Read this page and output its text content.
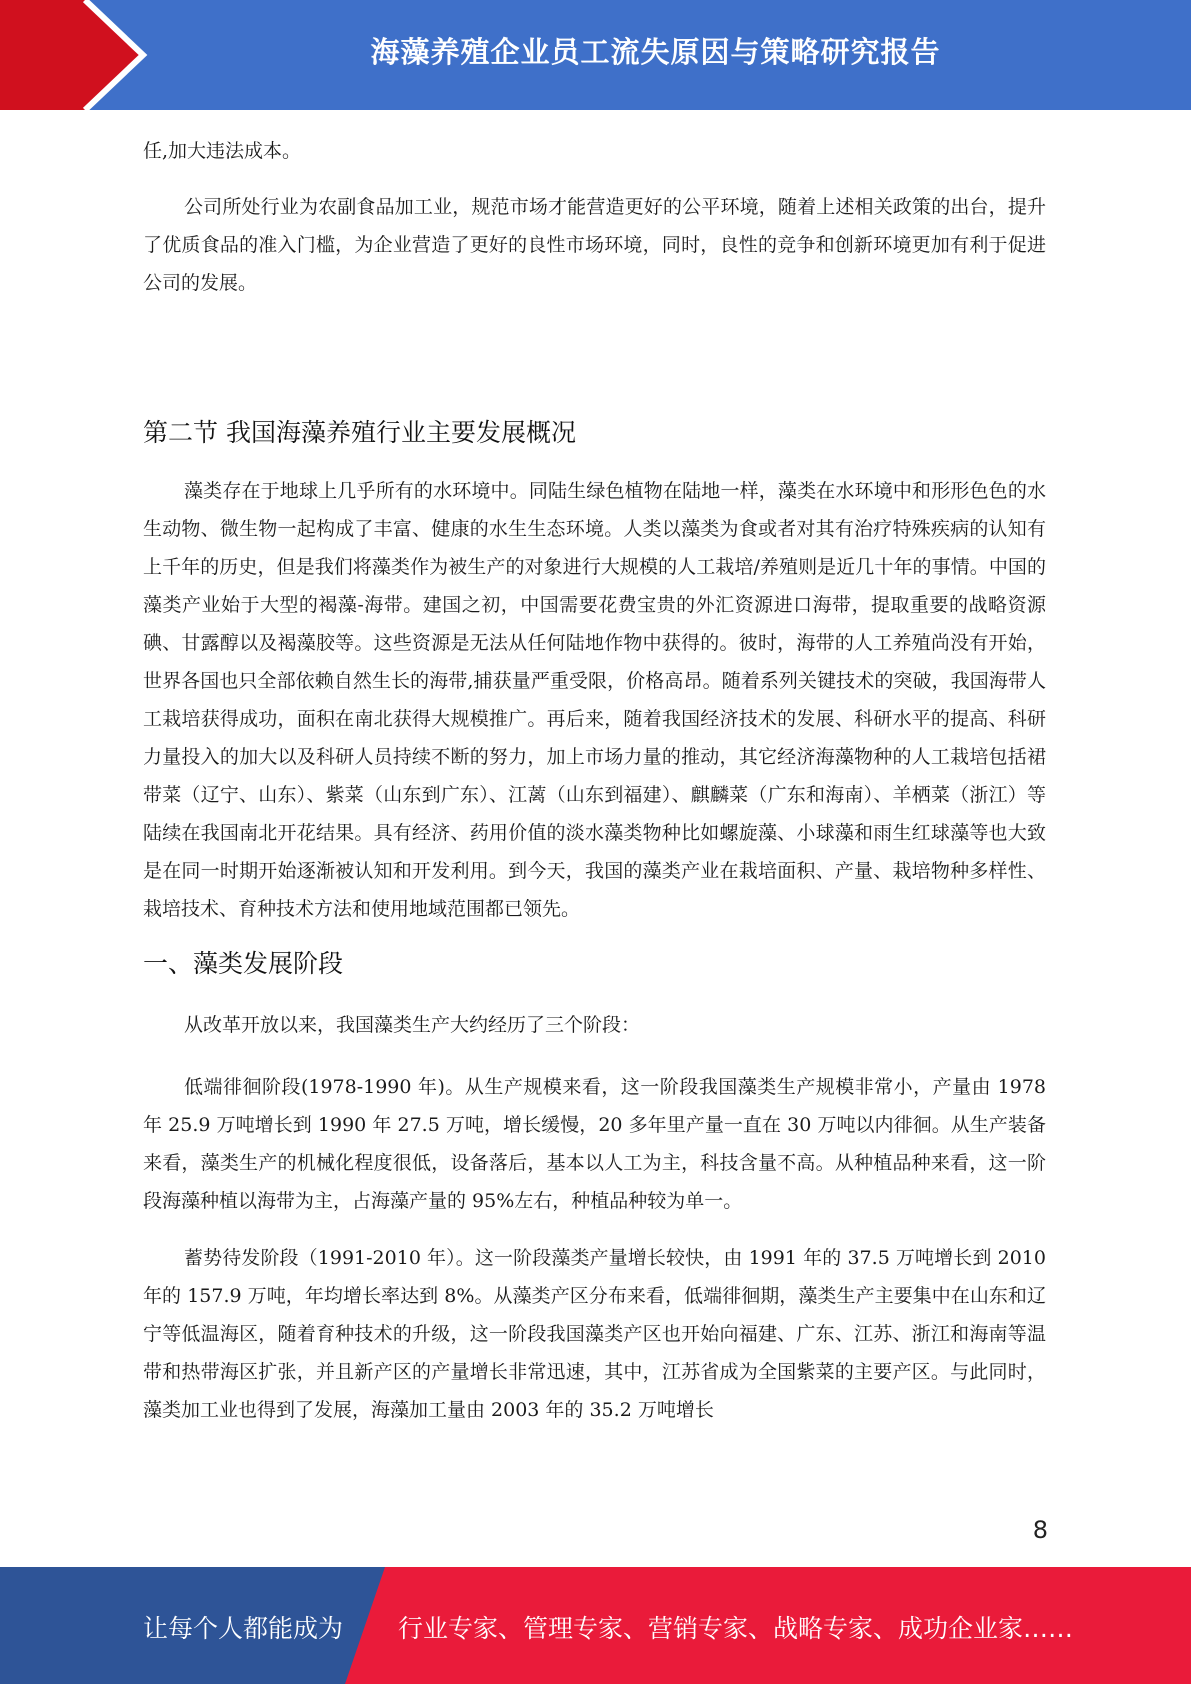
海藻养殖企业员工流失原因与策略研究报告

任,加大违法成本。

公司所处行业为农副食品加工业，规范市场才能营造更好的公平环境，随着上述相关政策的出台，提升了优质食品的准入门槛，为企业营造了更好的良性市场环境，同时，良性的竞争和创新环境更加有利于促进公司的发展。

第二节 我国海藻养殖行业主要发展概况

藻类存在于地球上几乎所有的水环境中。同陆生绿色植物在陆地一样，藻类在水环境中和形形色色的水生动物、微生物一起构成了丰富、健康的水生生态环境。人类以藻类为食或者对其有治疗特殊疾病的认知有上千年的历史，但是我们将藻类作为被生产的对象进行大规模的人工栽培/养殖则是近几十年的事情。中国的藻类产业始于大型的褐藻-海带。建国之初，中国需要花费宝贵的外汇资源进口海带，提取重要的战略资源碘、甘露醇以及褐藻胶等。这些资源是无法从任何陆地作物中获得的。彼时，海带的人工养殖尚没有开始，世界各国也只全部依赖自然生长的海带,捕获量严重受限，价格高昂。随着系列关键技术的突破，我国海带人工栽培获得成功，面积在南北获得大规模推广。再后来，随着我国经济技术的发展、科研水平的提高、科研力量投入的加大以及科研人员持续不断的努力，加上市场力量的推动，其它经济海藻物种的人工栽培包括裙带菜（辽宁、山东）、紫菜（山东到广东）、江蓠（山东到福建）、麒麟菜（广东和海南）、羊栖菜（浙江）等陆续在我国南北开花结果。具有经济、药用价值的淡水藻类物种比如螺旋藻、小球藻和雨生红球藻等也大致是在同一时期开始逐渐被认知和开发利用。到今天，我国的藻类产业在栽培面积、产量、栽培物种多样性、栽培技术、育种技术方法和使用地域范围都已领先。

一、藻类发展阶段

从改革开放以来，我国藻类生产大约经历了三个阶段：

低端徘徊阶段(1978-1990 年)。从生产规模来看，这一阶段我国藻类生产规模非常小，产量由 1978 年 25.9 万吨增长到 1990 年 27.5 万吨，增长缓慢，20 多年里产量一直在 30 万吨以内徘徊。从生产装备来看，藻类生产的机械化程度很低，设备落后，基本以人工为主，科技含量不高。从种植品种来看，这一阶段海藻种植以海带为主，占海藻产量的 95%左右，种植品种较为单一。

蓄势待发阶段（1991-2010 年）。这一阶段藻类产量增长较快，由 1991 年的 37.5 万吨增长到 2010 年的 157.9 万吨，年均增长率达到 8%。从藻类产区分布来看，低端徘徊期，藻类生产主要集中在山东和辽宁等低温海区，随着育种技术的升级，这一阶段我国藻类产区也开始向福建、广东、江苏、浙江和海南等温带和热带海区扩张，并且新产区的产量增长非常迅速，其中，江苏省成为全国紫菜的主要产区。与此同时，藻类加工业也得到了发展，海藻加工量由 2003 年的 35.2 万吨增长

8
让每个人都能成为 行业专家、管理专家、营销专家、战略专家、成功企业家……
